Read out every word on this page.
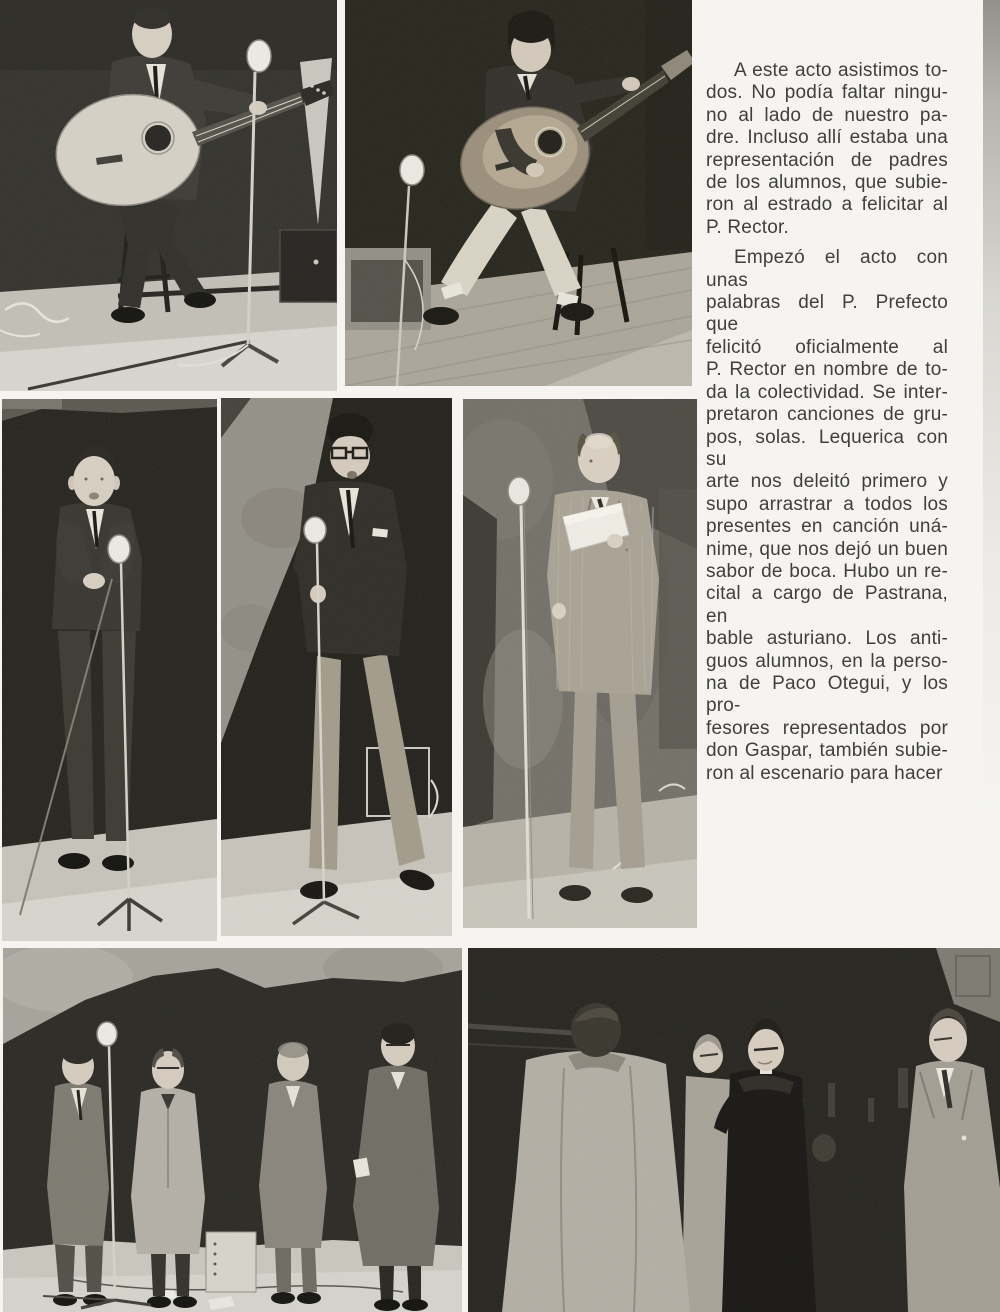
A este acto asistimos to-
dos. No podía faltar ningu-
no al lado de nuestro pa-
dre. Incluso allí estaba una
representación de padres
de los alumnos, que subie-
ron al estrado a felicitar al
P. Rector.
Empezó el acto con unas
palabras del P. Prefecto que
felicitó oficialmente al
P. Rector en nombre de to-
da la colectividad. Se inter-
pretaron canciones de gru-
pos, solas. Lequerica con su
arte nos deleitó primero y
supo arrastrar a todos los
presentes en canción uná-
nime, que nos dejó un buen
sabor de boca. Hubo un re-
cital a cargo de Pastrana, en
bable asturiano. Los anti-
guos alumnos, en la perso-
na de Paco Otegui, y los pro-
fesores representados por
don Gaspar, también subie-
ron al escenario para hacer
